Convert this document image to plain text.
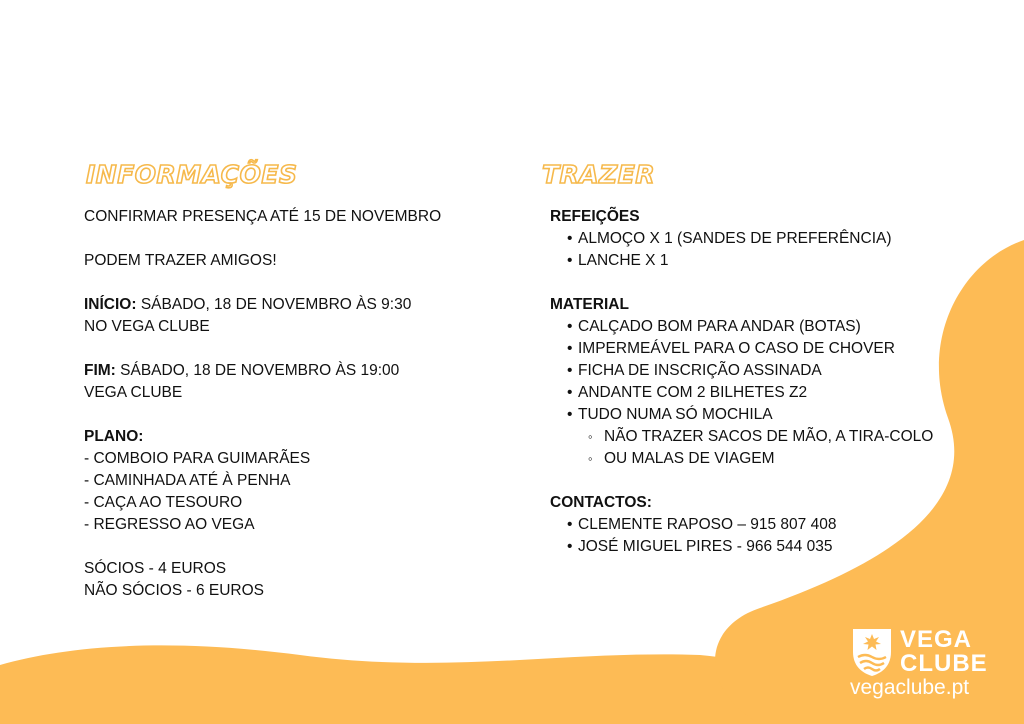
INFORMAÇÕES	TRAZER

CONFIRMAR PRESENÇA ATÉ 15 DE NOVEMBRO

PODEM TRAZER AMIGOS!

INÍCIO: SÁBADO, 18 DE NOVEMBRO ÀS 9:30

NO VEGA CLUBE

FIM: SÁBADO, 18 DE NOVEMBRO ÀS 19:00

VEGA CLUBE

PLANO:

- COMBOIO PARA GUIMARÃES

- CAMINHADA ATÉ À PENHA

- CAÇA AO TESOURO

- REGRESSO AO VEGA

SÓCIOS - 4 EUROS

NÃO SÓCIOS - 6 EUROS

REFEIÇÕES

• ALMOÇO X 1 (SANDES DE PREFERÊNCIA)
• LANCHE X 1

MATERIAL

• CALÇADO BOM PARA ANDAR (BOTAS)
• IMPERMEÁVEL PARA O CASO DE CHOVER
• FICHA DE INSCRIÇÃO ASSINADA
• ANDANTE COM 2 BILHETES Z2
• TUDO NUMA SÓ MOCHILA
◦ NÃO TRAZER SACOS DE MÃO, A TIRA-COLO
◦ OU MALAS DE VIAGEM

CONTACTOS:

• CLEMENTE RAPOSO – 915 807 408
• JOSÉ MIGUEL PIRES - 966 544 035
VEGA
CLUBE
vegaclube.pt
